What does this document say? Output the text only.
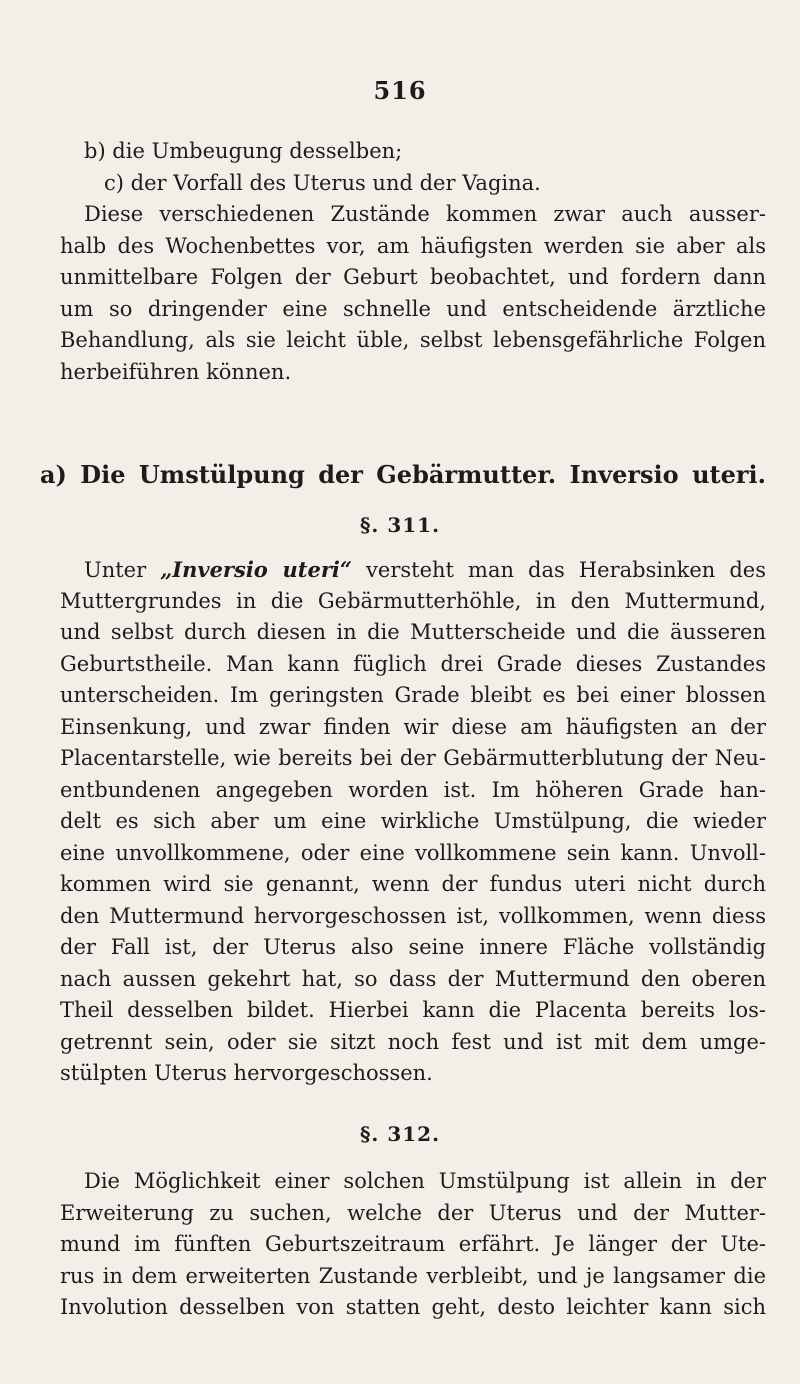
516
b) die Umbeugung desselben;
c) der Vorfall des Uterus und der Vagina.
Diese verschiedenen Zustände kommen zwar auch ausser-
halb des Wochenbettes vor, am häufigsten werden sie aber als
unmittelbare Folgen der Geburt beobachtet, und fordern dann
um so dringender eine schnelle und entscheidende ärztliche
Behandlung, als sie leicht üble, selbst lebensgefährliche Folgen
herbeiführen können.
a) Die Umstülpung der Gebärmutter. Inversio uteri.
§. 311.
Unter „Inversio uteri“ versteht man das Herabsinken des
Muttergrundes in die Gebärmutterhöhle, in den Muttermund,
und selbst durch diesen in die Mutterscheide und die äusseren
Geburtstheile. Man kann füglich drei Grade dieses Zustandes
unterscheiden. Im geringsten Grade bleibt es bei einer blossen
Einsenkung, und zwar finden wir diese am häufigsten an der
Placentarstelle, wie bereits bei der Gebärmutterblutung der Neu-
entbundenen angegeben worden ist. Im höheren Grade han-
delt es sich aber um eine wirkliche Umstülpung, die wieder
eine unvollkommene, oder eine vollkommene sein kann. Unvoll-
kommen wird sie genannt, wenn der fundus uteri nicht durch
den Muttermund hervorgeschossen ist, vollkommen, wenn diess
der Fall ist, der Uterus also seine innere Fläche vollständig
nach aussen gekehrt hat, so dass der Muttermund den oberen
Theil desselben bildet. Hierbei kann die Placenta bereits los-
getrennt sein, oder sie sitzt noch fest und ist mit dem umge-
stülpten Uterus hervorgeschossen.
§. 312.
Die Möglichkeit einer solchen Umstülpung ist allein in der
Erweiterung zu suchen, welche der Uterus und der Mutter-
mund im fünften Geburtszeitraum erfährt. Je länger der Ute-
rus in dem erweiterten Zustande verbleibt, und je langsamer die
Involution desselben von statten geht, desto leichter kann sich
